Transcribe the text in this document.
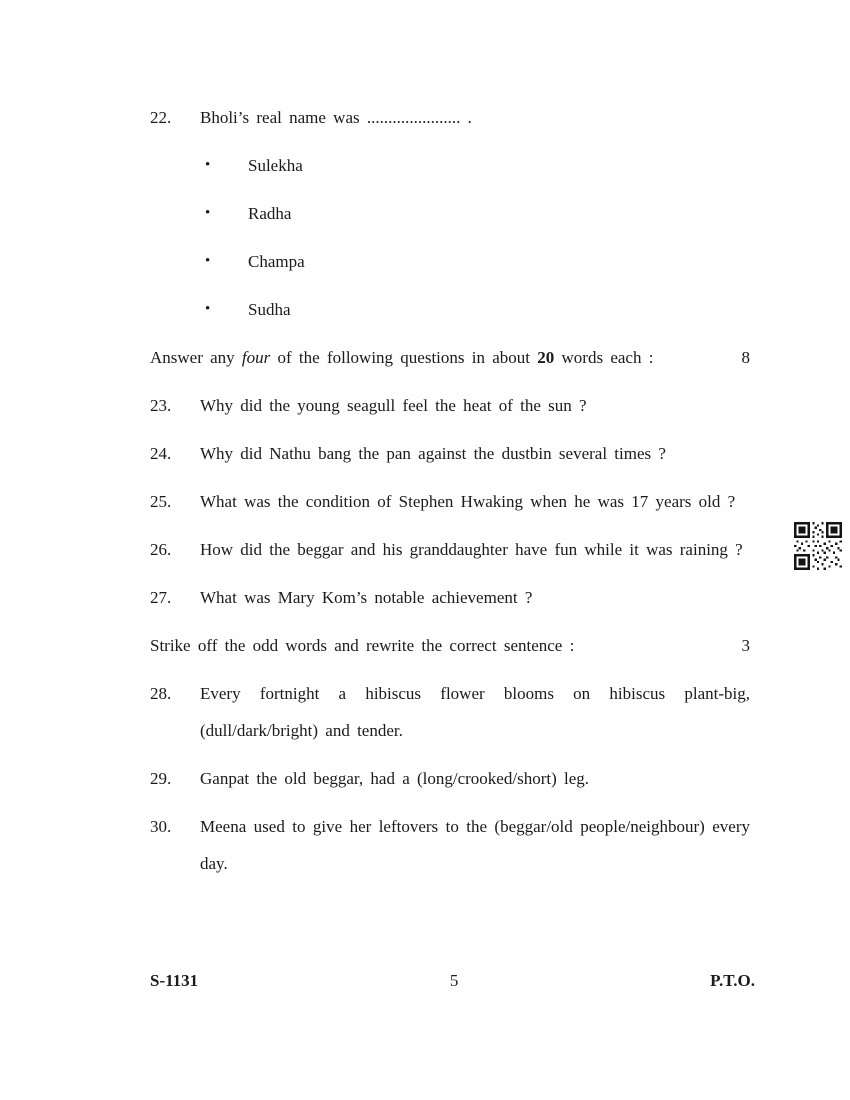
22.	Bholi’s real name was ...................... .
•	Sulekha
•	Radha
•	Champa
•	Sudha
Answer any four of the following questions in about 20 words each :	8
23.	Why did the young seagull feel the heat of the sun ?
24.	Why did Nathu bang the pan against the dustbin several times ?
25.	What was the condition of Stephen Hwaking when he was 17 years old ?
26.	How did the beggar and his granddaughter have fun while it was raining ?
27.	What was Mary Kom’s notable achievement ?
Strike off the odd words and rewrite the correct sentence :	3
28.	Every fortnight a hibiscus flower blooms on hibiscus plant-big, (dull/dark/bright) and tender.
29.	Ganpat the old beggar, had a (long/crooked/short) leg.
30.	Meena used to give her leftovers to the (beggar/old people/neighbour) every day.
S-1131	5	P.T.O.
